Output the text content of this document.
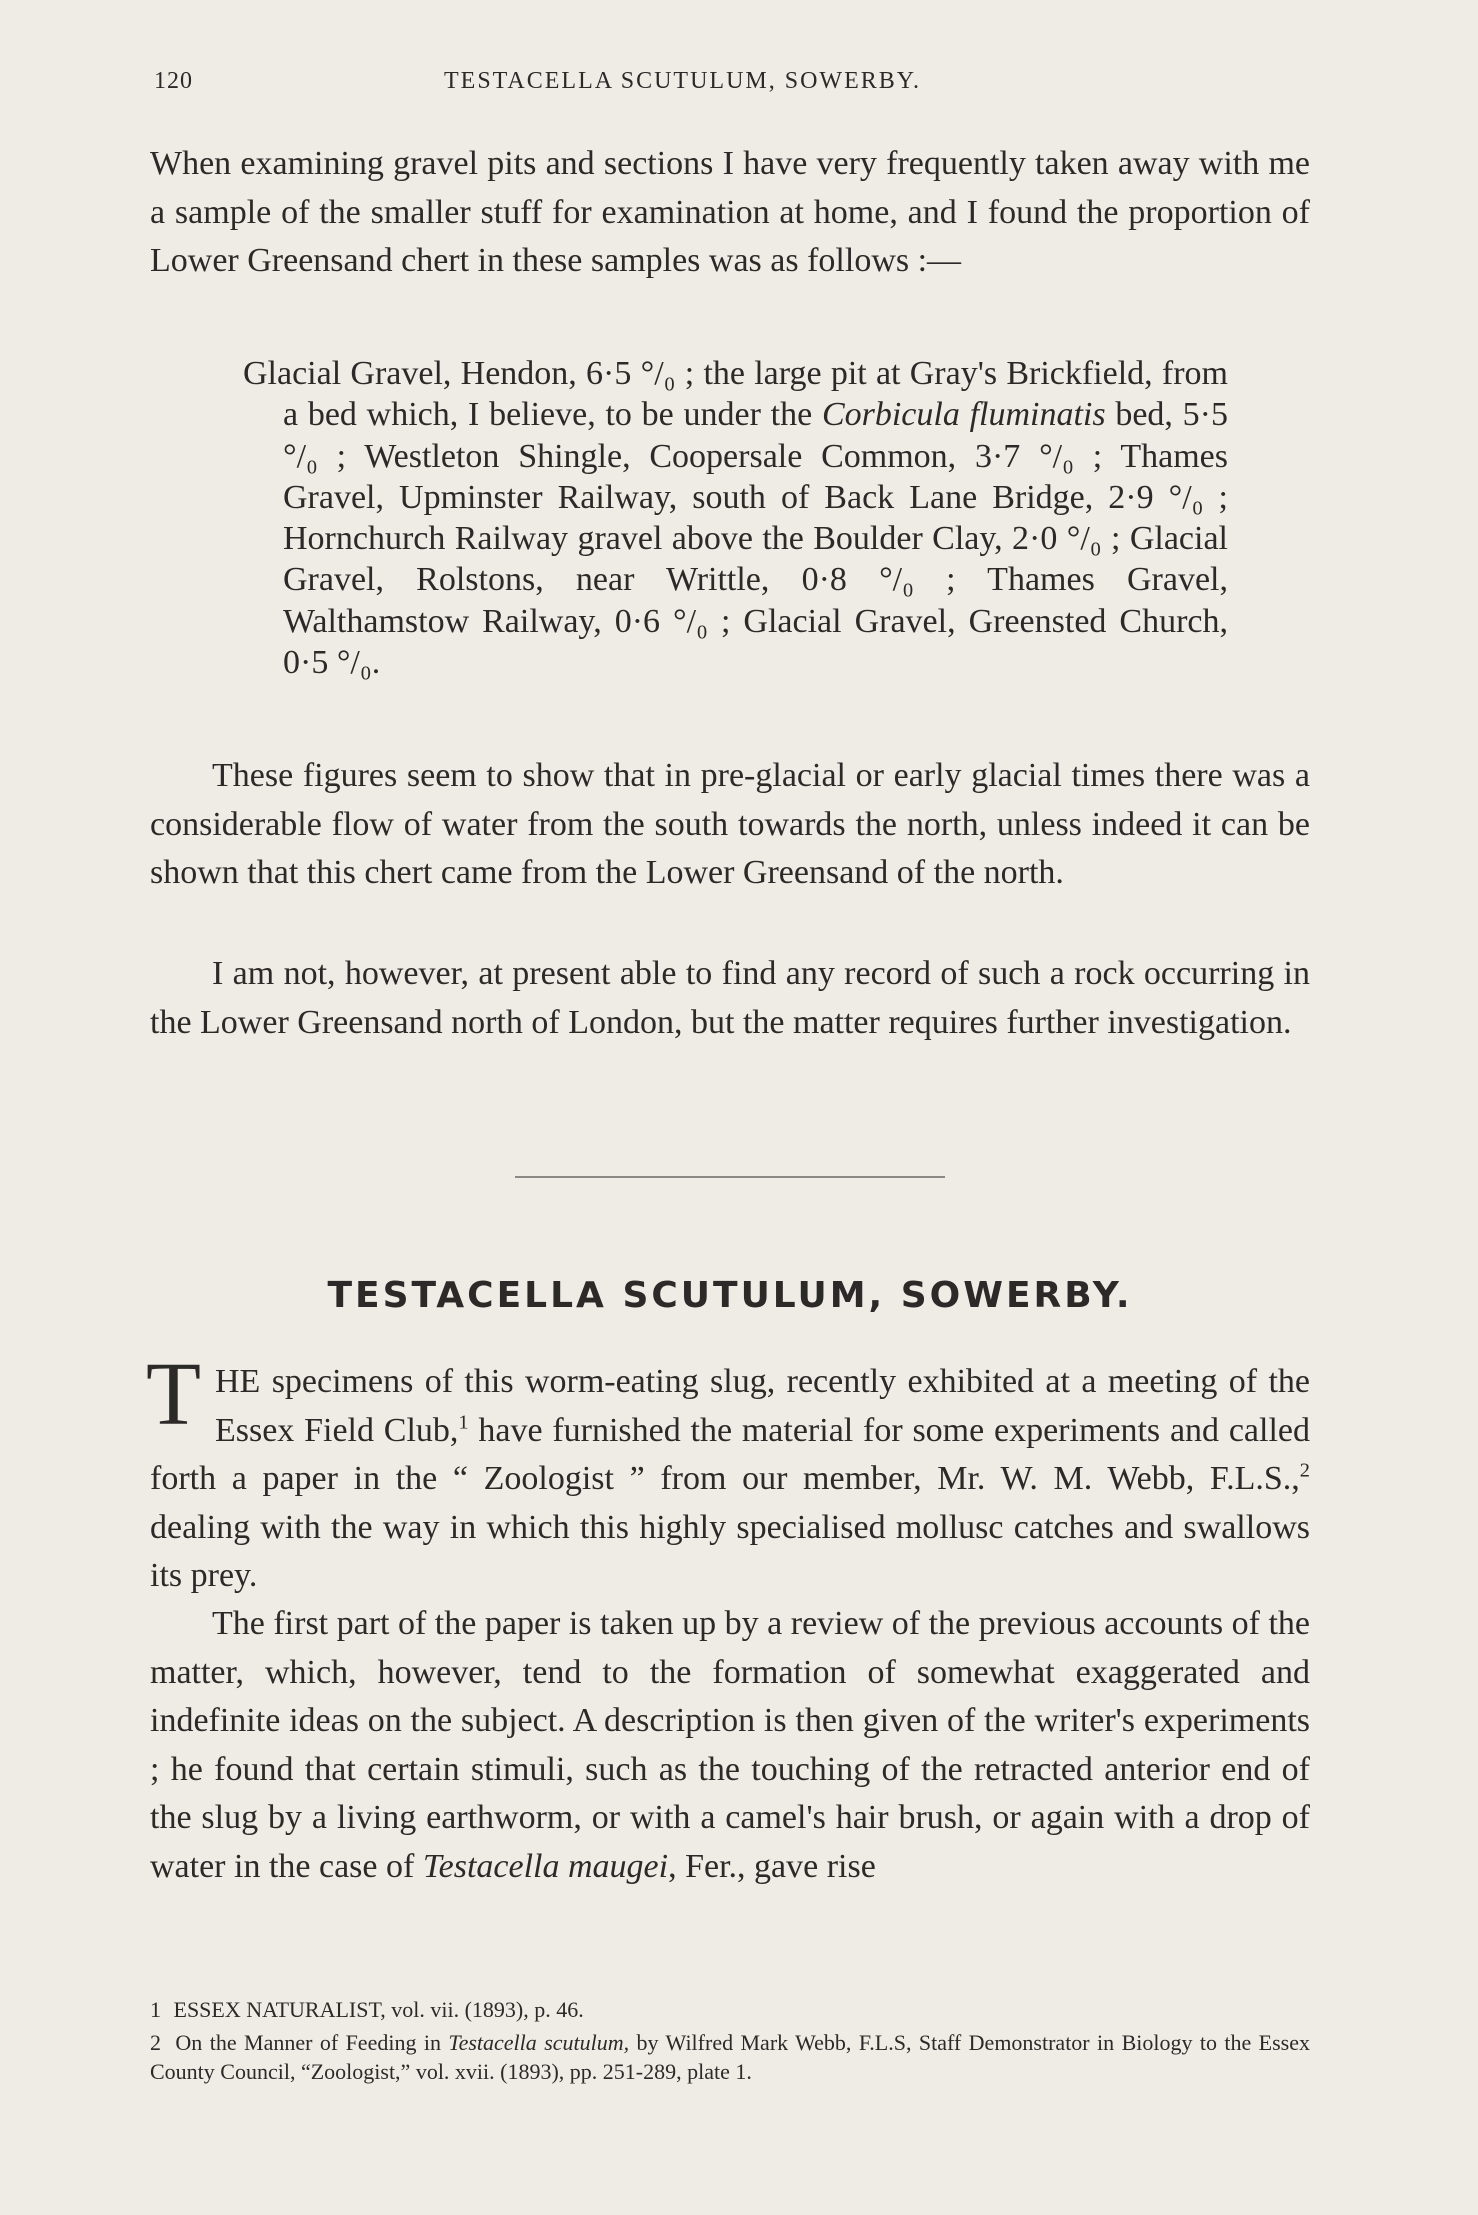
120	TESTACELLA SCUTULUM, SOWERBY.

When examining gravel pits and sections I have very frequently taken away with me a sample of the smaller stuff for examination at home, and I found the proportion of Lower Greensand chert in these samples was as follows :—

Glacial Gravel, Hendon, 6·5 °/₀ ; the large pit at Gray's Brickfield, from a bed which, I believe, to be under the Corbicula fluminatis bed, 5·5 °/₀ ; Westleton Shingle, Coopersale Common, 3·7 °/₀ ; Thames Gravel, Upminster Railway, south of Back Lane Bridge, 2·9 °/₀ ; Hornchurch Railway gravel above the Boulder Clay, 2·0 °/₀ ; Glacial Gravel, Rolstons, near Writtle, 0·8 °/₀ ; Thames Gravel, Walthamstow Railway, 0·6 °/₀ ; Glacial Gravel, Greensted Church, 0·5 °/₀.

These figures seem to show that in pre-glacial or early glacial times there was a considerable flow of water from the south towards the north, unless indeed it can be shown that this chert came from the Lower Greensand of the north.

I am not, however, at present able to find any record of such a rock occurring in the Lower Greensand north of London, but the matter requires further investigation.

TESTACELLA SCUTULUM, SOWERBY.

THE specimens of this worm-eating slug, recently exhibited at a meeting of the Essex Field Club,$^1$ have furnished the material for some experiments and called forth a paper in the “ Zoologist ” from our member, Mr. W. M. Webb, F.L.S.,$^2$ dealing with the way in which this highly specialised mollusc catches and swallows its prey.

The first part of the paper is taken up by a review of the previous accounts of the matter, which, however, tend to the formation of somewhat exaggerated and indefinite ideas on the subject. A description is then given of the writer's experiments ; he found that certain stimuli, such as the touching of the retracted anterior end of the slug by a living earthworm, or with a camel's hair brush, or again with a drop of water in the case of Testacella maugei, Fer., gave rise

1 ESSEX NATURALIST, vol. vii. (1893), p. 46.

2 On the Manner of Feeding in Testacella scutulum, by Wilfred Mark Webb, F.L.S, Staff Demonstrator in Biology to the Essex County Council, “Zoologist,” vol. xvii. (1893), pp. 251-289, plate 1.
